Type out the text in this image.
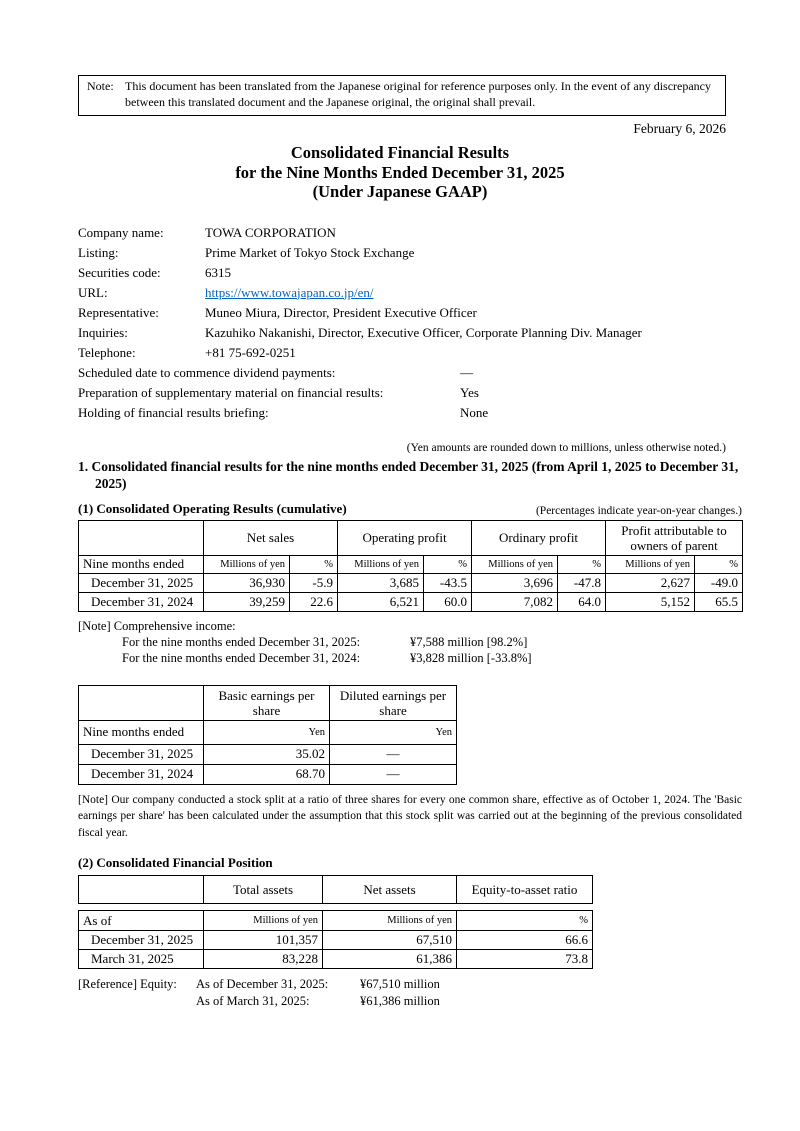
Note: This document has been translated from the Japanese original for reference purposes only. In the event of any discrepancy between this translated document and the Japanese original, the original shall prevail.
February 6, 2026
Consolidated Financial Results
for the Nine Months Ended December 31, 2025
(Under Japanese GAAP)
Company name:	TOWA CORPORATION
Listing:	Prime Market of Tokyo Stock Exchange
Securities code:	6315
URL:	https://www.towajapan.co.jp/en/
Representative:	Muneo Miura, Director, President Executive Officer
Inquiries:	Kazuhiko Nakanishi, Director, Executive Officer, Corporate Planning Div. Manager
Telephone:	+81 75-692-0251
Scheduled date to commence dividend payments:	—
Preparation of supplementary material on financial results:	Yes
Holding of financial results briefing:	None
(Yen amounts are rounded down to millions, unless otherwise noted.)
1. Consolidated financial results for the nine months ended December 31, 2025 (from April 1, 2025 to December 31, 2025)
(1) Consolidated Operating Results (cumulative)	(Percentages indicate year-on-year changes.)
	Net sales		Operating profit		Ordinary profit		Profit attributable to owners of parent	
Nine months ended	Millions of yen	%	Millions of yen	%	Millions of yen	%	Millions of yen	%
December 31, 2025	36,930	-5.9	3,685	-43.5	3,696	-47.8	2,627	-49.0
December 31, 2024	39,259	22.6	6,521	60.0	7,082	64.0	5,152	65.5
[Note] Comprehensive income:
For the nine months ended December 31, 2025:	¥7,588 million [98.2%]
For the nine months ended December 31, 2024:	¥3,828 million [-33.8%]
	Basic earnings per share	Diluted earnings per share
Nine months ended	Yen	Yen
December 31, 2025	35.02	—
December 31, 2024	68.70	—
[Note] Our company conducted a stock split at a ratio of three shares for every one common share, effective as of October 1, 2024. The 'Basic earnings per share' has been calculated under the assumption that this stock split was carried out at the beginning of the previous consolidated fiscal year.
(2) Consolidated Financial Position
	Total assets	Net assets	Equity-to-asset ratio
As of	Millions of yen	Millions of yen	%
December 31, 2025	101,357	67,510	66.6
March 31, 2025	83,228	61,386	73.8
[Reference] Equity:	As of December 31, 2025:	¥67,510 million
As of March 31, 2025:	¥61,386 million
